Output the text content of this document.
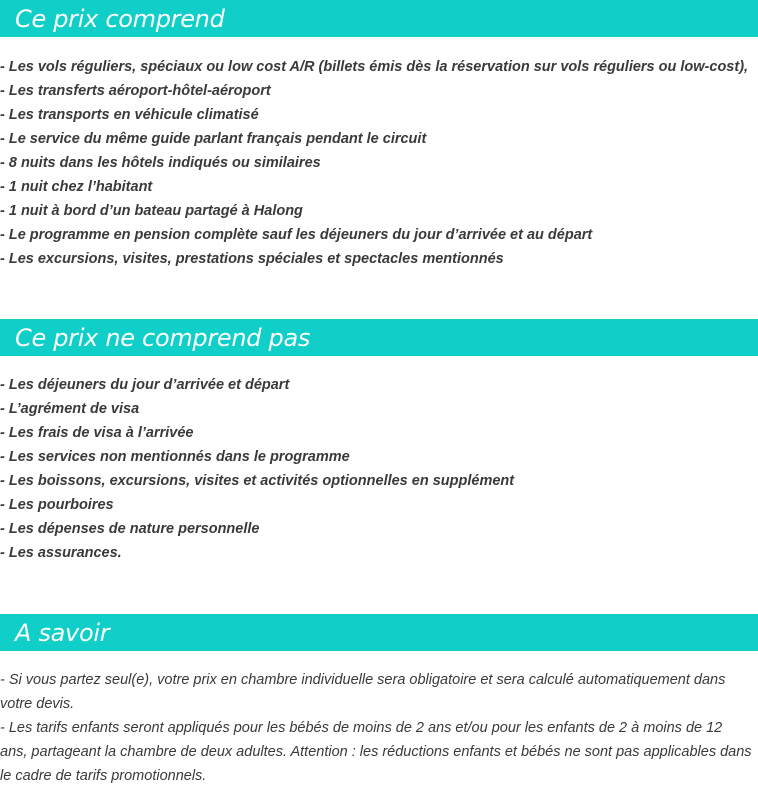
Ce prix comprend
- Les vols réguliers, spéciaux ou low cost A/R (billets émis dès la réservation sur vols réguliers ou low-cost),
- Les transferts aéroport-hôtel-aéroport
- Les transports en véhicule climatisé
- Le service du même guide parlant français pendant le circuit
- 8 nuits dans les hôtels indiqués ou similaires
- 1 nuit chez l’habitant
- 1 nuit à bord d’un bateau partagé à Halong
- Le programme en pension complète sauf les déjeuners du jour d’arrivée et au départ
- Les excursions, visites, prestations spéciales et spectacles mentionnés
Ce prix ne comprend pas
- Les déjeuners du jour d’arrivée et départ
- L’agrément de visa
- Les frais de visa à l’arrivée
- Les services non mentionnés dans le programme
- Les boissons, excursions, visites et activités optionnelles en supplément
- Les pourboires
- Les dépenses de nature personnelle
- Les assurances.
A savoir

- Si vous partez seul(e), votre prix en chambre individuelle sera obligatoire et sera calculé automatiquement dans votre devis.

- Les tarifs enfants seront appliqués pour les bébés de moins de 2 ans et/ou pour les enfants de 2 à moins de 12 ans, partageant la chambre de deux adultes. Attention : les réductions enfants et bébés ne sont pas applicables dans le cadre de tarifs promotionnels.
